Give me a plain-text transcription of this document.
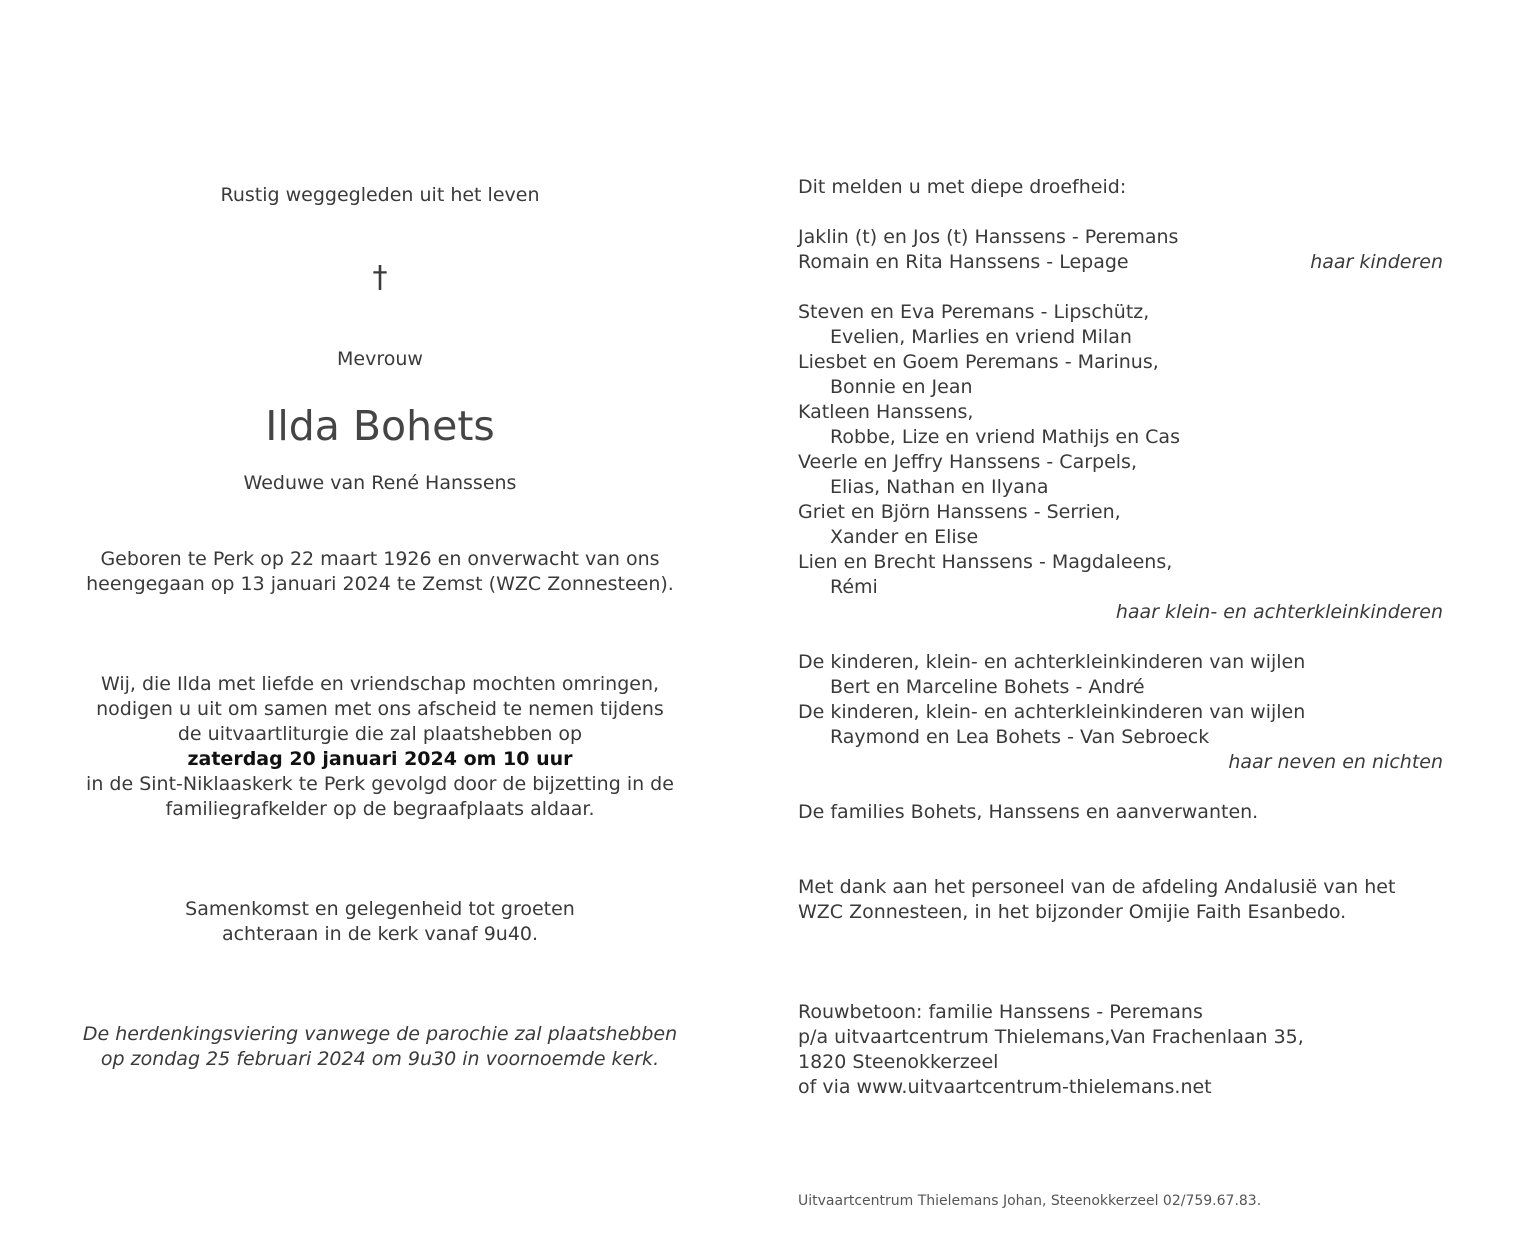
Rustig weggegleden uit het leven
†
Mevrouw
Ilda Bohets
Weduwe van René Hanssens
Geboren te Perk op 22 maart 1926 en onverwacht van ons
heengegaan op 13 januari 2024 te Zemst (WZC Zonnesteen).
Wij, die Ilda met liefde en vriendschap mochten omringen,
nodigen u uit om samen met ons afscheid te nemen tijdens
de uitvaartliturgie die zal plaatshebben op
zaterdag 20 januari 2024 om 10 uur
in de Sint-Niklaaskerk te Perk gevolgd door de bijzetting in de
familiegrafkelder op de begraafplaats aldaar.
Samenkomst en gelegenheid tot groeten
achteraan in de kerk vanaf 9u40.
De herdenkingsviering vanwege de parochie zal plaatshebben
op zondag 25 februari 2024 om 9u30 in voornoemde kerk.
Dit melden u met diepe droefheid:
Jaklin (t) en Jos (t) Hanssens - Peremans
Romain en Rita Hanssens - Lepage	haar kinderen
Steven en Eva Peremans - Lipschütz,
Evelien, Marlies en vriend Milan
Liesbet en Goem Peremans - Marinus,
Bonnie en Jean
Katleen Hanssens,
Robbe, Lize en vriend Mathijs en Cas
Veerle en Jeffry Hanssens - Carpels,
Elias, Nathan en Ilyana
Griet en Björn Hanssens - Serrien,
Xander en Elise
Lien en Brecht Hanssens - Magdaleens,
Rémi
haar klein- en achterkleinkinderen
De kinderen, klein- en achterkleinkinderen van wijlen
Bert en Marceline Bohets - André
De kinderen, klein- en achterkleinkinderen van wijlen
Raymond en Lea Bohets - Van Sebroeck
haar neven en nichten
De families Bohets, Hanssens en aanverwanten.
Met dank aan het personeel van de afdeling Andalusië van het
WZC Zonnesteen, in het bijzonder Omijie Faith Esanbedo.
Rouwbetoon: familie Hanssens - Peremans
p/a uitvaartcentrum Thielemans,Van Frachenlaan 35,
1820 Steenokkerzeel
of via www.uitvaartcentrum-thielemans.net
Uitvaartcentrum Thielemans Johan, Steenokkerzeel 02/759.67.83.
